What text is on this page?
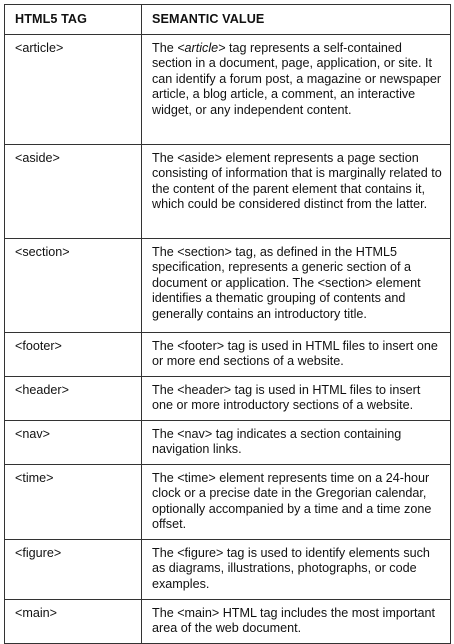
HTML5 TAG	SEMANTIC VALUE
<article>	The <article> tag represents a self-contained section in a document, page, application, or site. It can identify a forum post, a magazine or newspaper article, a blog article, a comment, an interactive widget, or any independent content.
<aside>	The <aside> element represents a page section consisting of information that is marginally related to the content of the parent element that contains it, which could be considered distinct from the latter.
<section>	The <section> tag, as defined in the HTML5 specification, represents a generic section of a document or application. The <section> element identifies a thematic grouping of contents and generally contains an introductory title.
<footer>	The <footer> tag is used in HTML files to insert one or more end sections of a website.
<header>	The <header> tag is used in HTML files to insert one or more introductory sections of a website.
<nav>	The <nav> tag indicates a section containing navigation links.
<time>	The <time> element represents time on a 24-hour clock or a precise date in the Gregorian calendar, optionally accompanied by a time and a time zone offset.
<figure>	The <figure> tag is used to identify elements such as diagrams, illustrations, photographs, or code examples.
<main>	The <main> HTML tag includes the most important area of the web document.
